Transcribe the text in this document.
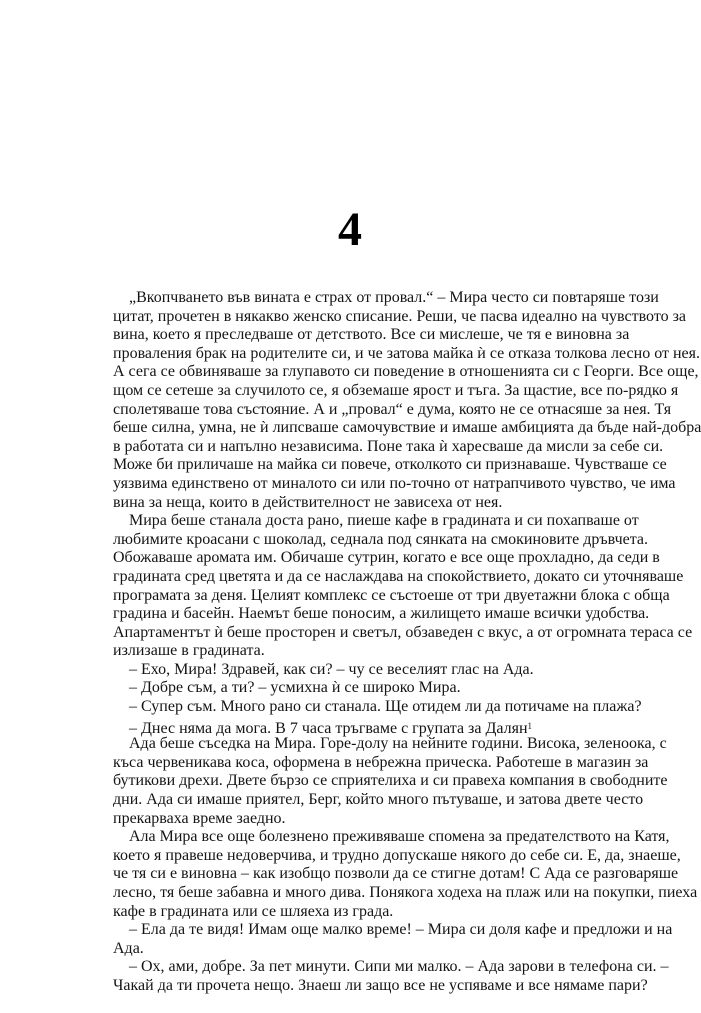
4
„Вкопчването във вината е страх от провал.“ – Мира често си повтаряше този
цитат, прочетен в някакво женско списание. Реши, че пасва идеално на чувството за
вина, което я преследваше от детството. Все си мислеше, че тя е виновна за
проваления брак на родителите си, и че затова майка ѝ се отказа толкова лесно от нея.
А сега се обвиняваше за глупавото си поведение в отношенията си с Георги. Все още,
щом се сетеше за случилото се, я обземаше ярост и тъга. За щастие, все по-рядко я
сполетяваше това състояние. А и „провал“ е дума, която не се отнасяше за нея. Тя
беше силна, умна, не ѝ липсваше самочувствие и имаше амбицията да бъде най-добра
в работата си и напълно независима. Поне така ѝ харесваше да мисли за себе си.
Може би приличаше на майка си повече, отколкото си признаваше. Чувстваше се
уязвима единствено от миналото си или по-точно от натрапчивото чувство, че има
вина за неща, които в действителност не зависеха от нея.
Мира беше станала доста рано, пиеше кафе в градината и си похапваше от
любимите кроасани с шоколад, седнала под сянката на смокиновите дръвчета.
Обожаваше аромата им. Обичаше сутрин, когато е все още прохладно, да седи в
градината сред цветята и да се наслаждава на спокойствието, докато си уточняваше
програмата за деня. Целият комплекс се състоеше от три двуетажни блока с обща
градина и басейн. Наемът беше поносим, а жилището имаше всички удобства.
Апартаментът ѝ беше просторен и светъл, обзаведен с вкус, а от огромната тераса се
излизаше в градината.
– Ехо, Мира! Здравей, как си? – чу се веселият глас на Ада.
– Добре съм, а ти? – усмихна ѝ се широко Мира.
– Супер съм. Много рано си станала. Ще отидем ли да потичаме на плажа?
– Днес няма да мога. В 7 часа тръгваме с групата за Далян$^1$
Ада беше съседка на Мира. Горе-долу на нейните години. Висока, зеленоока, с
къса червеникава коса, оформена в небрежна прическа. Работеше в магазин за
бутикови дрехи. Двете бързо се сприятелиха и си правеха компания в свободните
дни. Ада си имаше приятел, Берг, който много пътуваше, и затова двете често
прекарваха време заедно.
Ала Мира все още болезнено преживяваше спомена за предателството на Катя,
което я правеше недоверчива, и трудно допускаше някого до себе си. Е, да, знаеше,
че тя си е виновна – как изобщо позволи да се стигне дотам! С Ада се разговаряше
лесно, тя беше забавна и много дива. Понякога ходеха на плаж или на покупки, пиеха
кафе в градината или се шляеха из града.
– Ела да те видя! Имам още малко време! – Мира си доля кафе и предложи и на
Ада.
– Ох, ами, добре. За пет минути. Сипи ми малко. – Ада зарови в телефона си. –
Чакай да ти прочета нещо. Знаеш ли защо все не успяваме и все нямаме пари?
